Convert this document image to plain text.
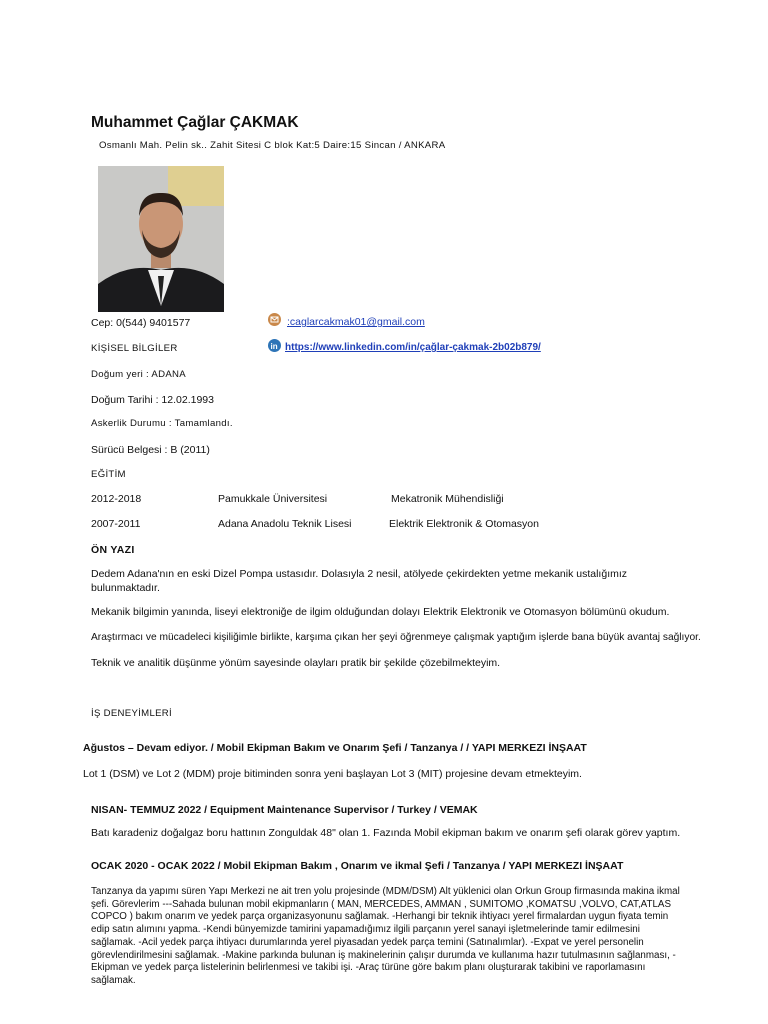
Muhammet Çağlar ÇAKMAK
Osmanlı Mah. Pelin sk.. Zahit Sitesi C blok Kat:5 Daire:15 Sincan / ANKARA
Cep: 0(544) 9401577	:caglarcakmak01@gmail.com
KİŞİSEL BİLGİLER	in https://www.linkedin.com/in/çağlar-çakmak-2b02b879/
Doğum yeri : ADANA
Doğum Tarihi : 12.02.1993
Askerlik Durumu : Tamamlandı.
Sürücü Belgesi : B (2011)
EĞİTİM
2012-2018	Pamukkale Üniversitesi	Mekatronik Mühendisliği
2007-2011	Adana Anadolu Teknik Lisesi	Elektrik Elektronik & Otomasyon
ÖN YAZI
Dedem Adana'nın en eski Dizel Pompa ustasıdır. Dolasıyla 2 nesil, atölyede çekirdekten yetme mekanik ustalığımız bulunmaktadır.
Mekanik bilgimin yanında, liseyi elektroniğe de ilgim olduğundan dolayı Elektrik Elektronik ve Otomasyon bölümünü okudum.
Araştırmacı ve mücadeleci kişiliğimle birlikte, karşıma çıkan her şeyi öğrenmeye çalışmak yaptığım işlerde bana büyük avantaj sağlıyor.
Teknik ve analitik düşünme yönüm sayesinde olayları pratik bir şekilde çözebilmekteyim.
İŞ DENEYİMLERİ
Ağustos – Devam ediyor. / Mobil Ekipman Bakım ve Onarım Şefi / Tanzanya / / YAPI MERKEZI İNŞAAT
Lot 1 (DSM) ve Lot 2 (MDM) proje bitiminden sonra yeni başlayan Lot 3 (MIT) projesine devam etmekteyim.
NISAN- TEMMUZ 2022 / Equipment Maintenance Supervisor / Turkey / VEMAK
Batı karadeniz doğalgaz boru hattının Zonguldak 48" olan 1. Fazında Mobil ekipman bakım ve onarım şefi olarak görev yaptım.
OCAK 2020 - OCAK 2022 / Mobil Ekipman Bakım , Onarım ve ikmal Şefi / Tanzanya / YAPI MERKEZI İNŞAAT
Tanzanya da yapımı süren Yapı Merkezi ne ait tren yolu projesinde (MDM/DSM) Alt yüklenici olan Orkun Group firmasında makina ikmal şefi. Görevlerim ---Sahada bulunan mobil ekipmanların ( MAN, MERCEDES, AMMAN , SUMITOMO ,KOMATSU ,VOLVO, CAT,ATLAS COPCO ) bakım onarım ve yedek parça organizasyonunu sağlamak. -Herhangi bir teknik ihtiyacı yerel firmalardan uygun fiyata temin edip satın alımını yapma. -Kendi bünyemizde tamirini yapamadığımız ilgili parçanın yerel sanayi işletmelerinde tamir edilmesini sağlamak. -Acil yedek parça ihtiyacı durumlarında yerel piyasadan yedek parça temini (Satınalımlar). -Expat ve yerel personelin görevlendirilmesini sağlamak. -Makine parkında bulunan iş makinelerinin çalışır durumda ve kullanıma hazır tutulmasının sağlanması, -Ekipman ve yedek parça listelerinin belirlenmesi ve takibi işi. -Araç türüne göre bakım planı oluşturarak takibini ve raporlamasını sağlamak.
